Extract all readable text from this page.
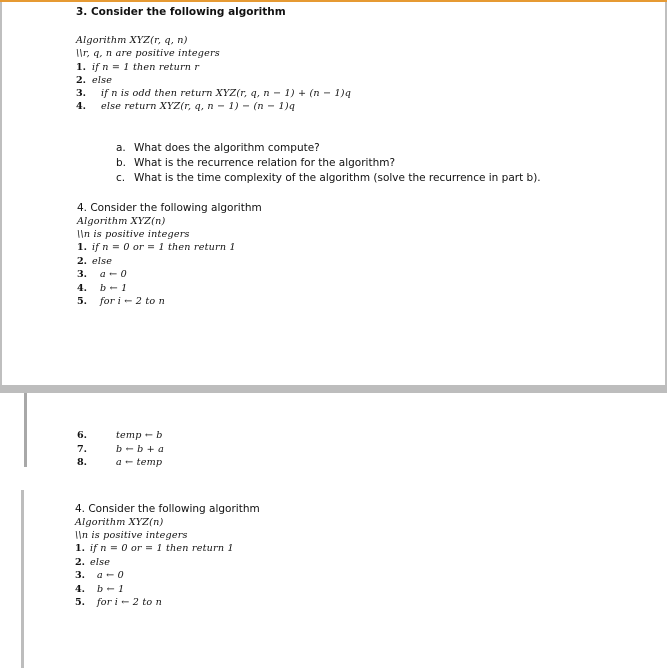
3. Consider the following algorithm
Algorithm XYZ(r, q, n)
\\r, q, n are positive integers
1. if n = 1 then return r
2. else
3. if n is odd then return XYZ(r, q, n − 1) + (n − 1)q
4. else return XYZ(r, q, n − 1) − (n − 1)q
a. What does the algorithm compute?
b. What is the recurrence relation for the algorithm?
c. What is the time complexity of the algorithm (solve the recurrence in part b).
4. Consider the following algorithm
Algorithm XYZ(n)
\\n is positive integers
1. if n = 0 or = 1 then return 1
2. else
3. a ← 0
4. b ← 1
5. for i ← 2 to n
6.	temp ← b
7.	b ← b + a
8.	a ← temp
4. Consider the following algorithm
Algorithm XYZ(n)
\\n is positive integers
1. if n = 0 or = 1 then return 1
2. else
3. a ← 0
4. b ← 1
5. for i ← 2 to n
